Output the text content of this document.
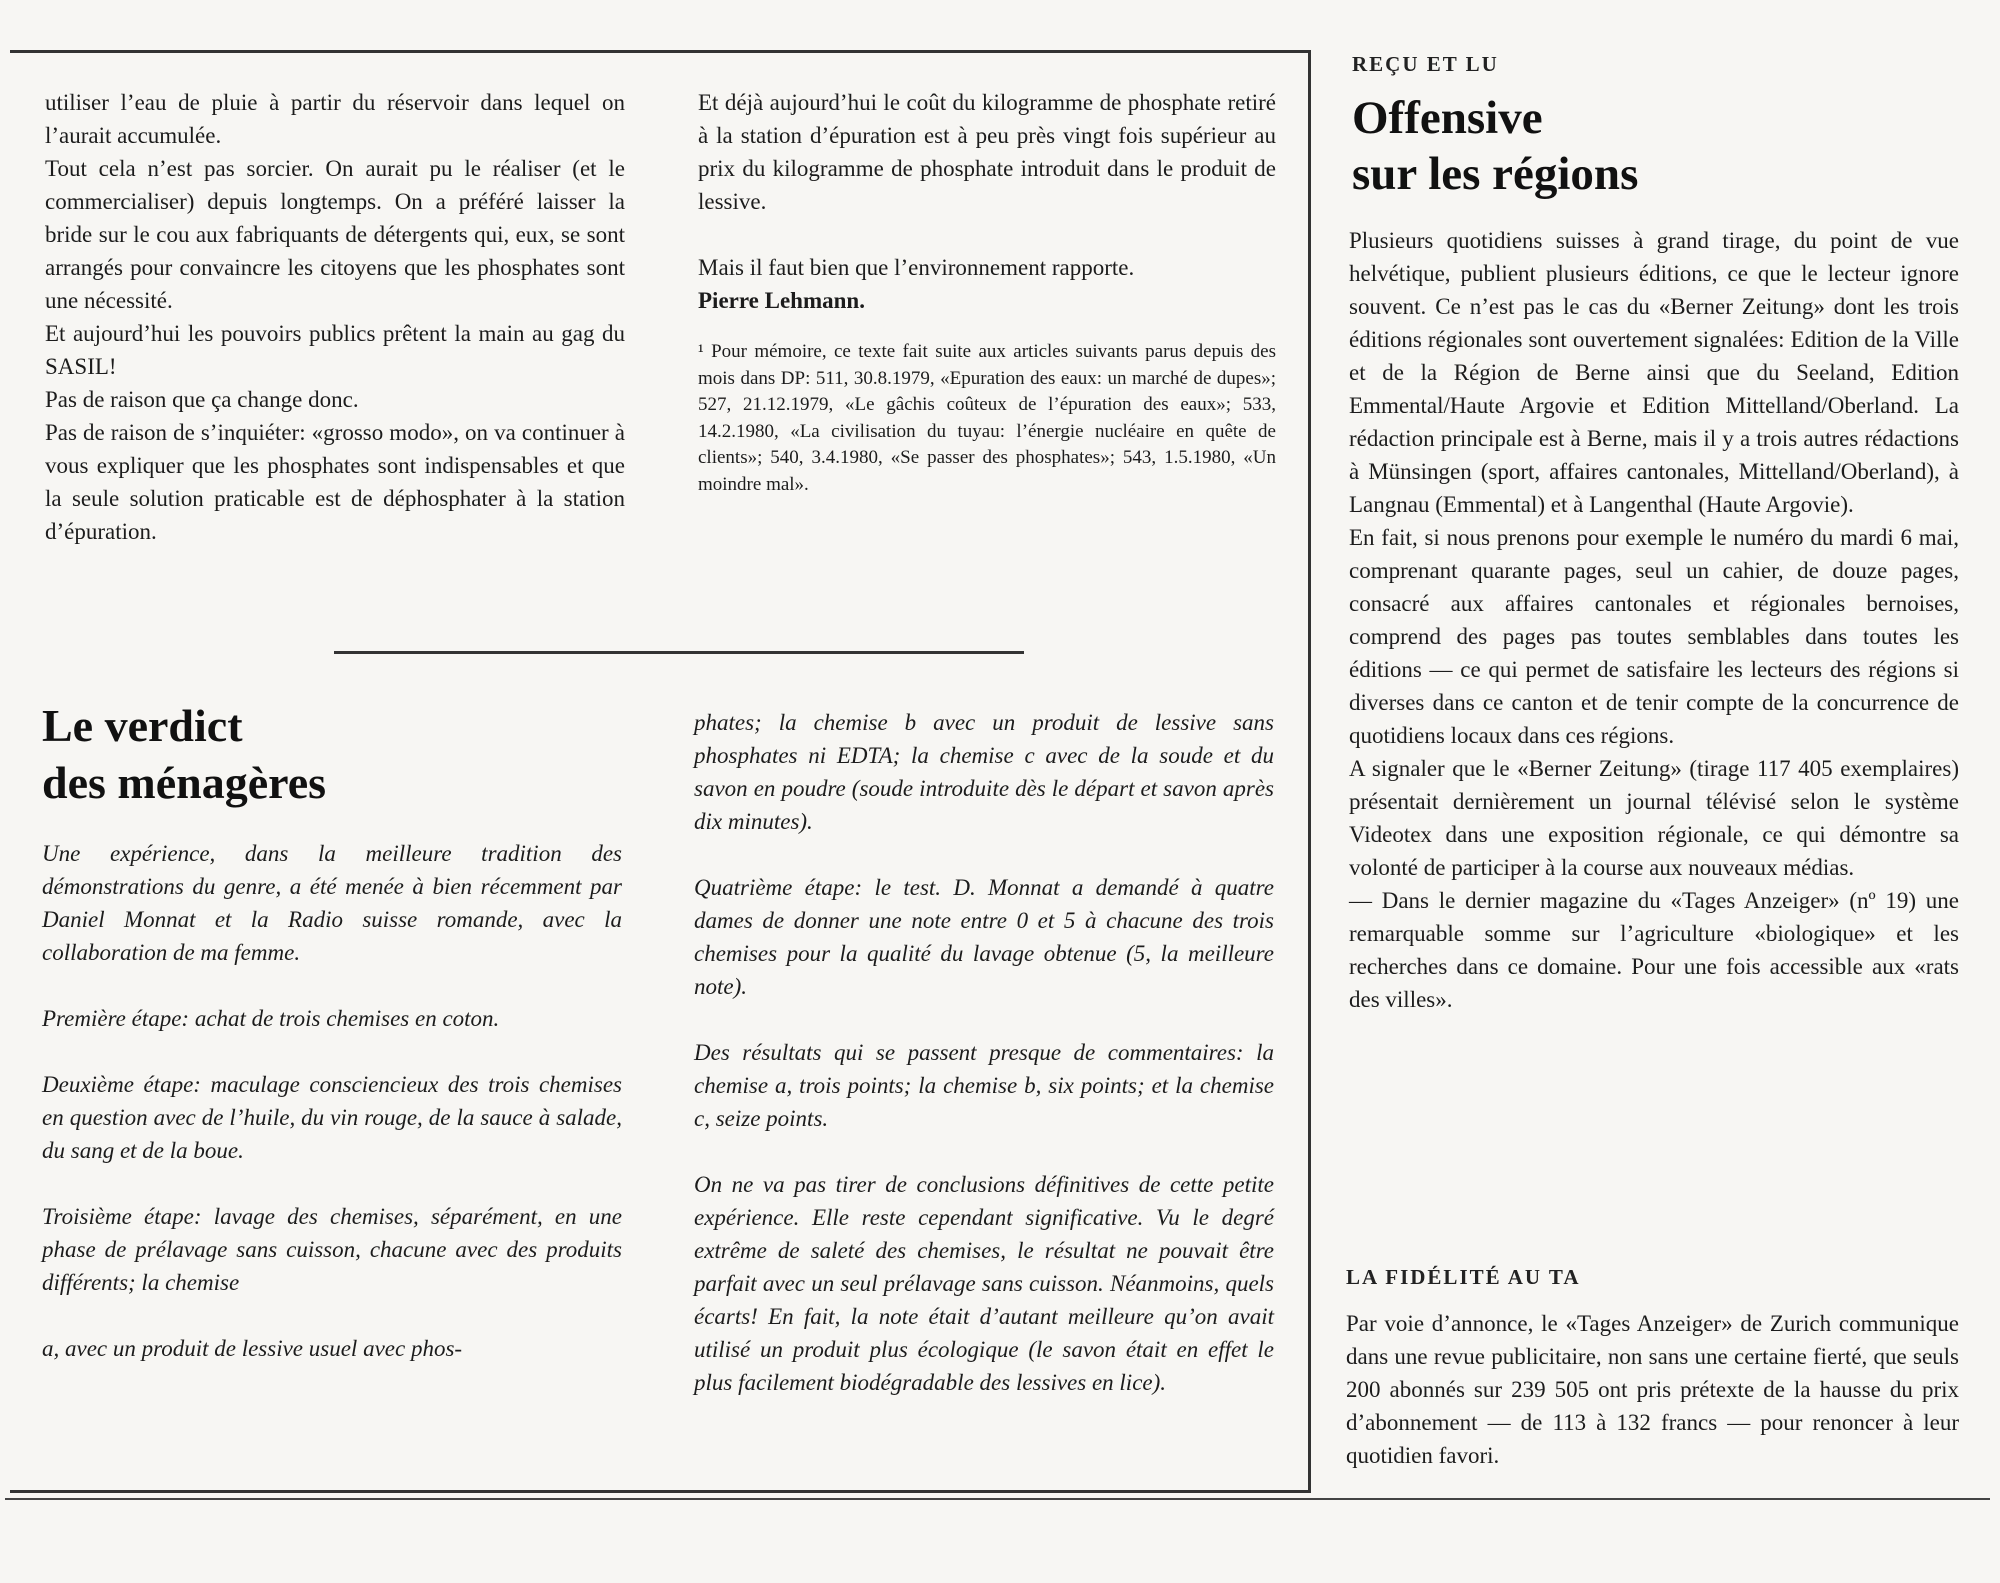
utiliser l’eau de pluie à partir du réservoir dans lequel on l’aurait accumulée.

Tout cela n’est pas sorcier. On aurait pu le réaliser (et le commercialiser) depuis longtemps. On a préféré laisser la bride sur le cou aux fabriquants de détergents qui, eux, se sont arrangés pour convaincre les citoyens que les phosphates sont une nécessité.

Et aujourd’hui les pouvoirs publics prêtent la main au gag du SASIL!

Pas de raison que ça change donc.

Pas de raison de s’inquiéter: «grosso modo», on va continuer à vous expliquer que les phosphates sont indispensables et que la seule solution praticable est de déphosphater à la station d’épuration.

Et déjà aujourd’hui le coût du kilogramme de phosphate retiré à la station d’épuration est à peu près vingt fois supérieur au prix du kilogramme de phosphate introduit dans le produit de lessive.

Mais il faut bien que l’environnement rapporte.

Pierre Lehmann.

¹ Pour mémoire, ce texte fait suite aux articles suivants parus depuis des mois dans DP: 511, 30.8.1979, «Epuration des eaux: un marché de dupes»; 527, 21.12.1979, «Le gâchis coûteux de l’épuration des eaux»; 533, 14.2.1980, «La civilisation du tuyau: l’énergie nucléaire en quête de clients»; 540, 3.4.1980, «Se passer des phosphates»; 543, 1.5.1980, «Un moindre mal».

Le verdict
des ménagères

Une expérience, dans la meilleure tradition des démonstrations du genre, a été menée à bien récemment par Daniel Monnat et la Radio suisse romande, avec la collaboration de ma femme.

Première étape: achat de trois chemises en coton.

Deuxième étape: maculage consciencieux des trois chemises en question avec de l’huile, du vin rouge, de la sauce à salade, du sang et de la boue.

Troisième étape: lavage des chemises, séparément, en une phase de prélavage sans cuisson, chacune avec des produits différents; la chemise

a, avec un produit de lessive usuel avec phos-

phates; la chemise b avec un produit de lessive sans phosphates ni EDTA; la chemise c avec de la soude et du savon en poudre (soude introduite dès le départ et savon après dix minutes).

Quatrième étape: le test. D. Monnat a demandé à quatre dames de donner une note entre 0 et 5 à chacune des trois chemises pour la qualité du lavage obtenue (5, la meilleure note).

Des résultats qui se passent presque de commentaires: la chemise a, trois points; la chemise b, six points; et la chemise c, seize points.

On ne va pas tirer de conclusions définitives de cette petite expérience. Elle reste cependant significative. Vu le degré extrême de saleté des chemises, le résultat ne pouvait être parfait avec un seul prélavage sans cuisson. Néanmoins, quels écarts! En fait, la note était d’autant meilleure qu’on avait utilisé un produit plus écologique (le savon était en effet le plus facilement biodégradable des lessives en lice).

REÇU ET LU

Offensive
sur les régions

Plusieurs quotidiens suisses à grand tirage, du point de vue helvétique, publient plusieurs éditions, ce que le lecteur ignore souvent. Ce n’est pas le cas du «Berner Zeitung» dont les trois éditions régionales sont ouvertement signalées: Edition de la Ville et de la Région de Berne ainsi que du Seeland, Edition Emmental/Haute Argovie et Edition Mittelland/Oberland. La rédaction principale est à Berne, mais il y a trois autres rédactions à Münsingen (sport, affaires cantonales, Mittelland/Oberland), à Langnau (Emmental) et à Langenthal (Haute Argovie).

En fait, si nous prenons pour exemple le numéro du mardi 6 mai, comprenant quarante pages, seul un cahier, de douze pages, consacré aux affaires cantonales et régionales bernoises, comprend des pages pas toutes semblables dans toutes les éditions — ce qui permet de satisfaire les lecteurs des régions si diverses dans ce canton et de tenir compte de la concurrence de quotidiens locaux dans ces régions.

A signaler que le «Berner Zeitung» (tirage 117 405 exemplaires) présentait dernièrement un journal télévisé selon le système Videotex dans une exposition régionale, ce qui démontre sa volonté de participer à la course aux nouveaux médias.

— Dans le dernier magazine du «Tages Anzeiger» (nº 19) une remarquable somme sur l’agriculture «biologique» et les recherches dans ce domaine. Pour une fois accessible aux «rats des villes».

LA FIDÉLITÉ AU TA

Par voie d’annonce, le «Tages Anzeiger» de Zurich communique dans une revue publicitaire, non sans une certaine fierté, que seuls 200 abonnés sur 239 505 ont pris prétexte de la hausse du prix d’abonnement — de 113 à 132 francs — pour renoncer à leur quotidien favori.
